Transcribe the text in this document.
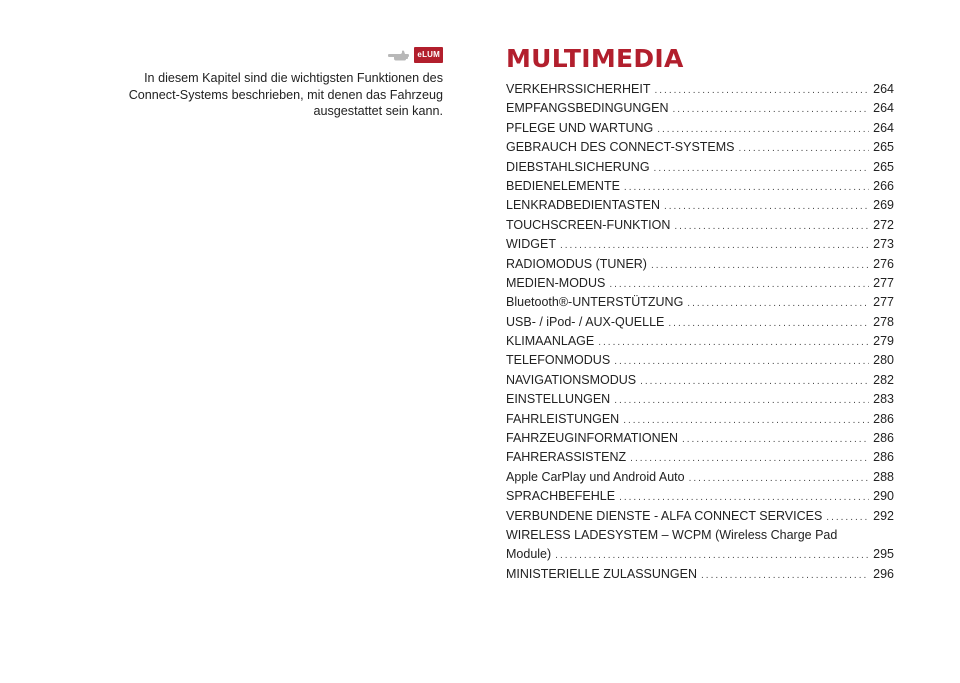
eLUM

In diesem Kapitel sind die wichtigsten Funktionen des Connect-Systems beschrieben, mit denen das Fahrzeug ausgestattet sein kann.

MULTIMEDIA
VERKEHRSSICHERHEIT .....	264
EMPFANGSBEDINGUNGEN .....	264
PFLEGE UND WARTUNG .....	264
GEBRAUCH DES CONNECT-SYSTEMS .....	265
DIEBSTAHLSICHERUNG .....	265
BEDIENELEMENTE .....	266
LENKRADBEDIENTASTEN .....	269
TOUCHSCREEN-FUNKTION .....	272
WIDGET .....	273
RADIOMODUS (TUNER) .....	276
MEDIEN-MODUS .....	277
Bluetooth®-UNTERSTÜTZUNG .....	277
USB- / iPod- / AUX-QUELLE .....	278
KLIMAANLAGE .....	279
TELEFONMODUS .....	280
NAVIGATIONSMODUS .....	282
EINSTELLUNGEN .....	283
FAHRLEISTUNGEN .....	286
FAHRZEUGINFORMATIONEN .....	286
FAHRERASSISTENZ .....	286
Apple CarPlay und Android Auto .....	288
SPRACHBEFEHLE .....	290
VERBUNDENE DIENSTE - ALFA CONNECT SERVICES .....	292
WIRELESS LADESYSTEM – WCPM (Wireless Charge Pad
Module) .....	295
MINISTERIELLE ZULASSUNGEN .....	296
